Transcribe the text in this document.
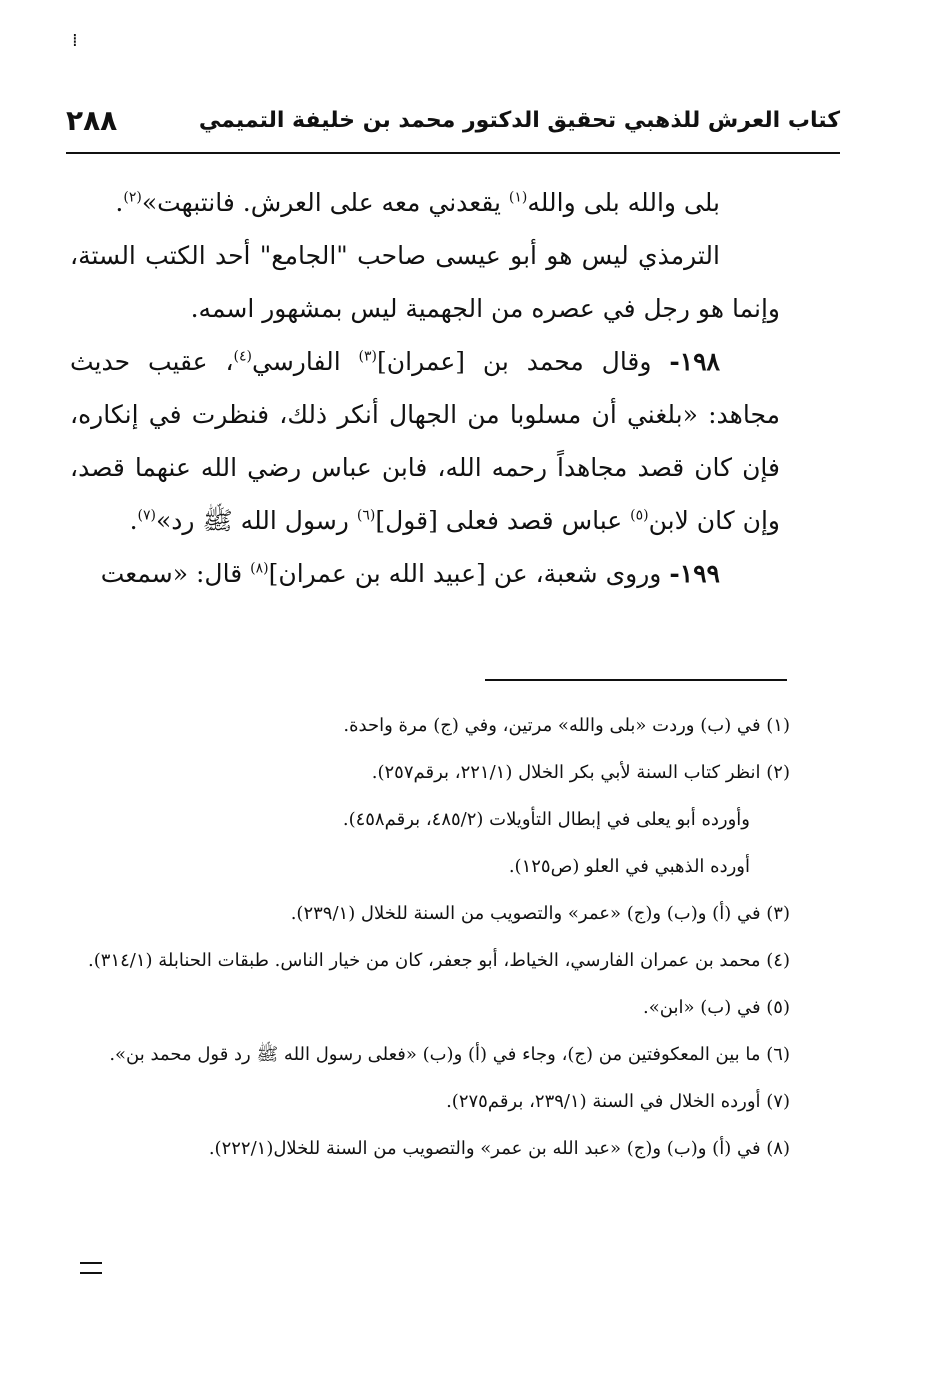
⁞
كتاب العرش للذهبي تحقيق الدكتور محمد بن خليفة التميمي
٢٨٨

بلى والله بلى والله$^{(١)}$ يقعدني معه على العرش. فانتبهت»$^{(٢)}$.

الترمذي ليس هو أبو عيسى صاحب "الجامع" أحد الكتب الستة، وإنما هو رجل في عصره من الجهمية ليس بمشهور اسمه.

١٩٨- وقال محمد بن [عمران]$^{(٣)}$ الفارسي$^{(٤)}$، عقيب حديث مجاهد: «بلغني أن مسلوبا من الجهال أنكر ذلك، فنظرت في إنكاره، فإن كان قصد مجاهداً رحمه الله، فابن عباس رضي الله عنهما قصد، وإن كان لابن$^{(٥)}$ عباس قصد فعلى [قول]$^{(٦)}$ رسول الله ﷺ رد»$^{(٧)}$.

١٩٩- وروى شعبة، عن [عبيد الله بن عمران]$^{(٨)}$ قال: «سمعت

(١) في (ب) وردت «بلى والله» مرتين، وفي (ج) مرة واحدة.

(٢) انظر كتاب السنة لأبي بكر الخلال (٢٢١/١، برقم٢٥٧).

وأورده أبو يعلى في إبطال التأويلات (٤٨٥/٢، برقم٤٥٨).

أورده الذهبي في العلو (ص١٢٥).

(٣) في (أ) و(ب) و(ج) «عمر» والتصويب من السنة للخلال (٢٣٩/١).

(٤) محمد بن عمران الفارسي، الخياط، أبو جعفر، كان من خيار الناس. طبقات الحنابلة (٣١٤/١).

(٥) في (ب) «ابن».

(٦) ما بين المعكوفتين من (ج)، وجاء في (أ) و(ب) «فعلى رسول الله ﷺ رد قول محمد بن».

(٧) أورده الخلال في السنة (٢٣٩/١، برقم٢٧٥).

(٨) في (أ) و(ب) و(ج) «عبد الله بن عمر» والتصويب من السنة للخلال(٢٢٢/١).
